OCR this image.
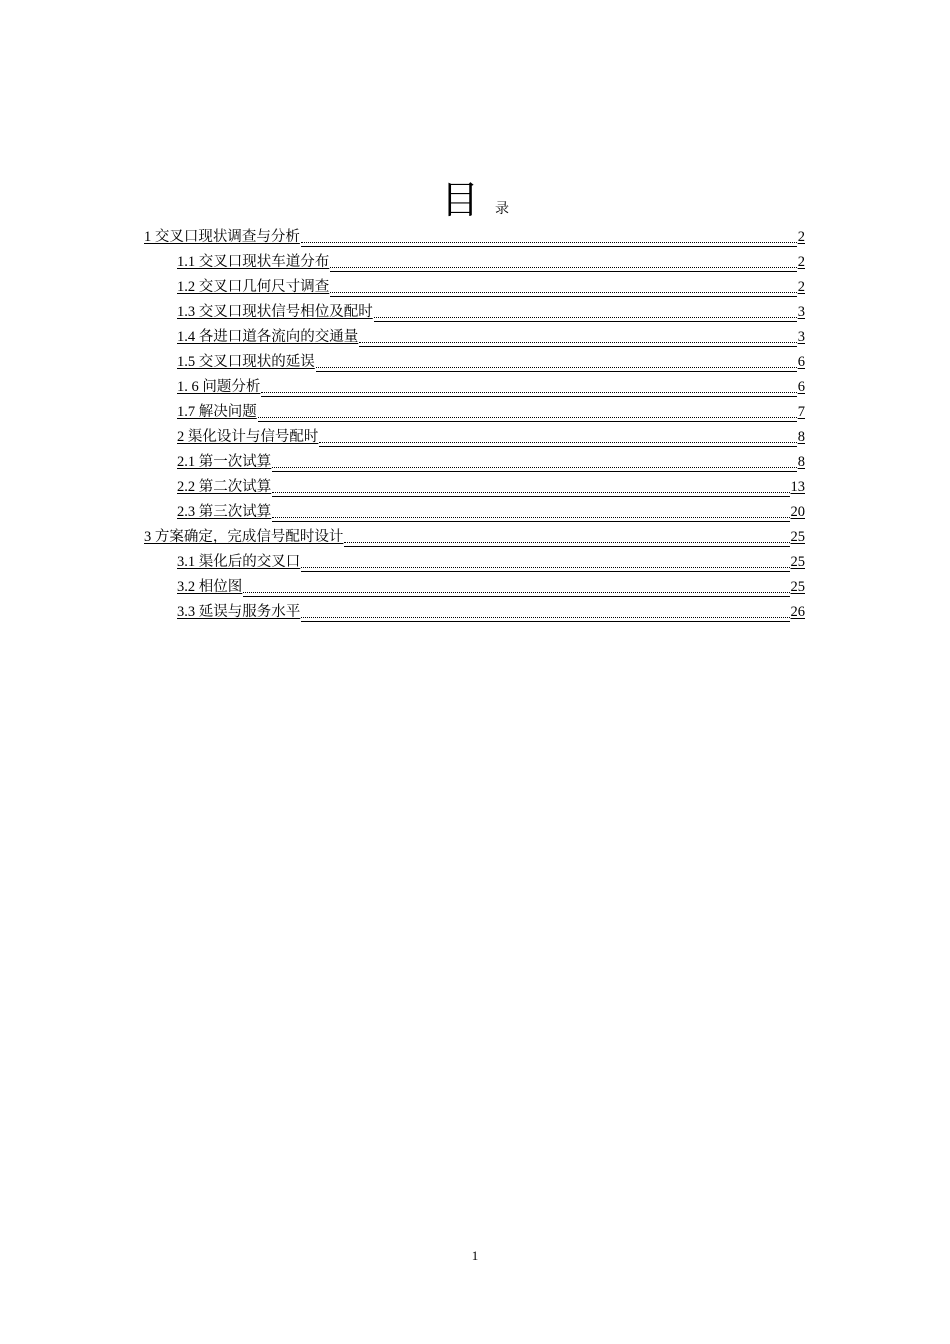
目 录
1 交叉口现状调查与分析	2
1.1 交叉口现状车道分布	2
1.2 交叉口几何尺寸调查	2
1.3 交叉口现状信号相位及配时	3
1.4 各进口道各流向的交通量	3
1.5 交叉口现状的延误	6
1. 6 问题分析	6
1.7 解决问题	7
2 渠化设计与信号配时	8
2.1 第一次试算	8
2.2 第二次试算	13
2.3 第三次试算	20
3 方案确定，完成信号配时设计	25
3.1 渠化后的交叉口	25
3.2 相位图	25
3.3 延误与服务水平	26
1
